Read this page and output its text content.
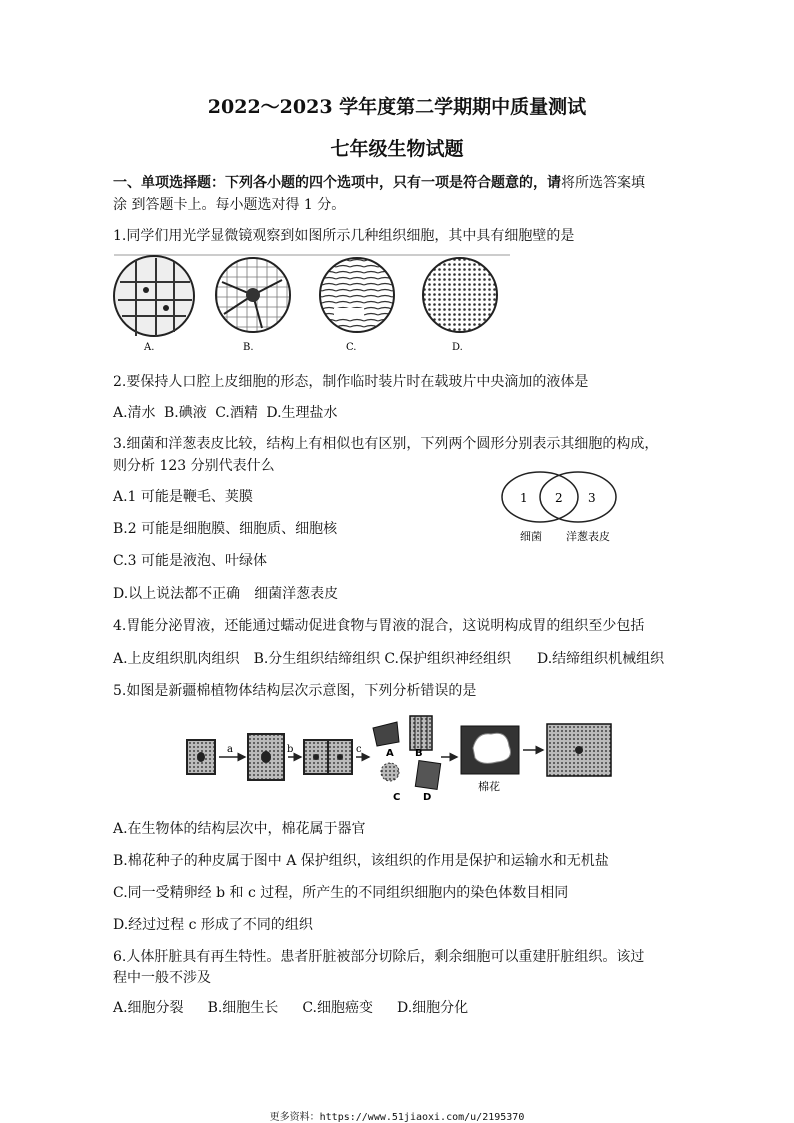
2022～2023 学年度第二学期期中质量测试
七年级生物试题
一、单项选择题：下列各小题的四个选项中，只有一项是符合题意的，请将所选答案填
涂 到答题卡上。每小题选对得 1 分。
1.同学们用光学显微镜观察到如图所示几种组织细胞，其中具有细胞壁的是
A.	B.	C.	D.
2.要保持人口腔上皮细胞的形态，制作临时装片时在载玻片中央滴加的液体是
A.清水 B.碘液 C.酒精 D.生理盐水
3.细菌和洋葱表皮比较，结构上有相似也有区别，下列两个圆形分别表示其细胞的构成，
则分析 123 分别代表什么
A.1 可能是鞭毛、荚膜
B.2 可能是细胞膜、细胞质、细胞核
C.3 可能是液泡、叶绿体
D.以上说法都不正确 细菌洋葱表皮
1 2 3
细菌 洋葱表皮
4.胃能分泌胃液，还能通过蠕动促进食物与胃液的混合，这说明构成胃的组织至少包括
A.上皮组织肌肉组织 B.分生组织结缔组织 C.保护组织神经组织 D.结缔组织机械组织
5.如图是新疆棉植物体结构层次示意图，下列分析错误的是
a	b	c A B
C D
棉花
A.在生物体的结构层次中，棉花属于器官
B.棉花种子的种皮属于图中 A 保护组织，该组织的作用是保护和运输水和无机盐
C.同一受精卵经 b 和 c 过程，所产生的不同组织细胞内的染色体数目相同
D.经过过程 c 形成了不同的组织
6.人体肝脏具有再生特性。患者肝脏被部分切除后，剩余细胞可以重建肝脏组织。该过
程中一般不涉及
A.细胞分裂 B.细胞生长 C.细胞癌变 D.细胞分化
更多资料：https://www.51jiaoxi.com/u/2195370
